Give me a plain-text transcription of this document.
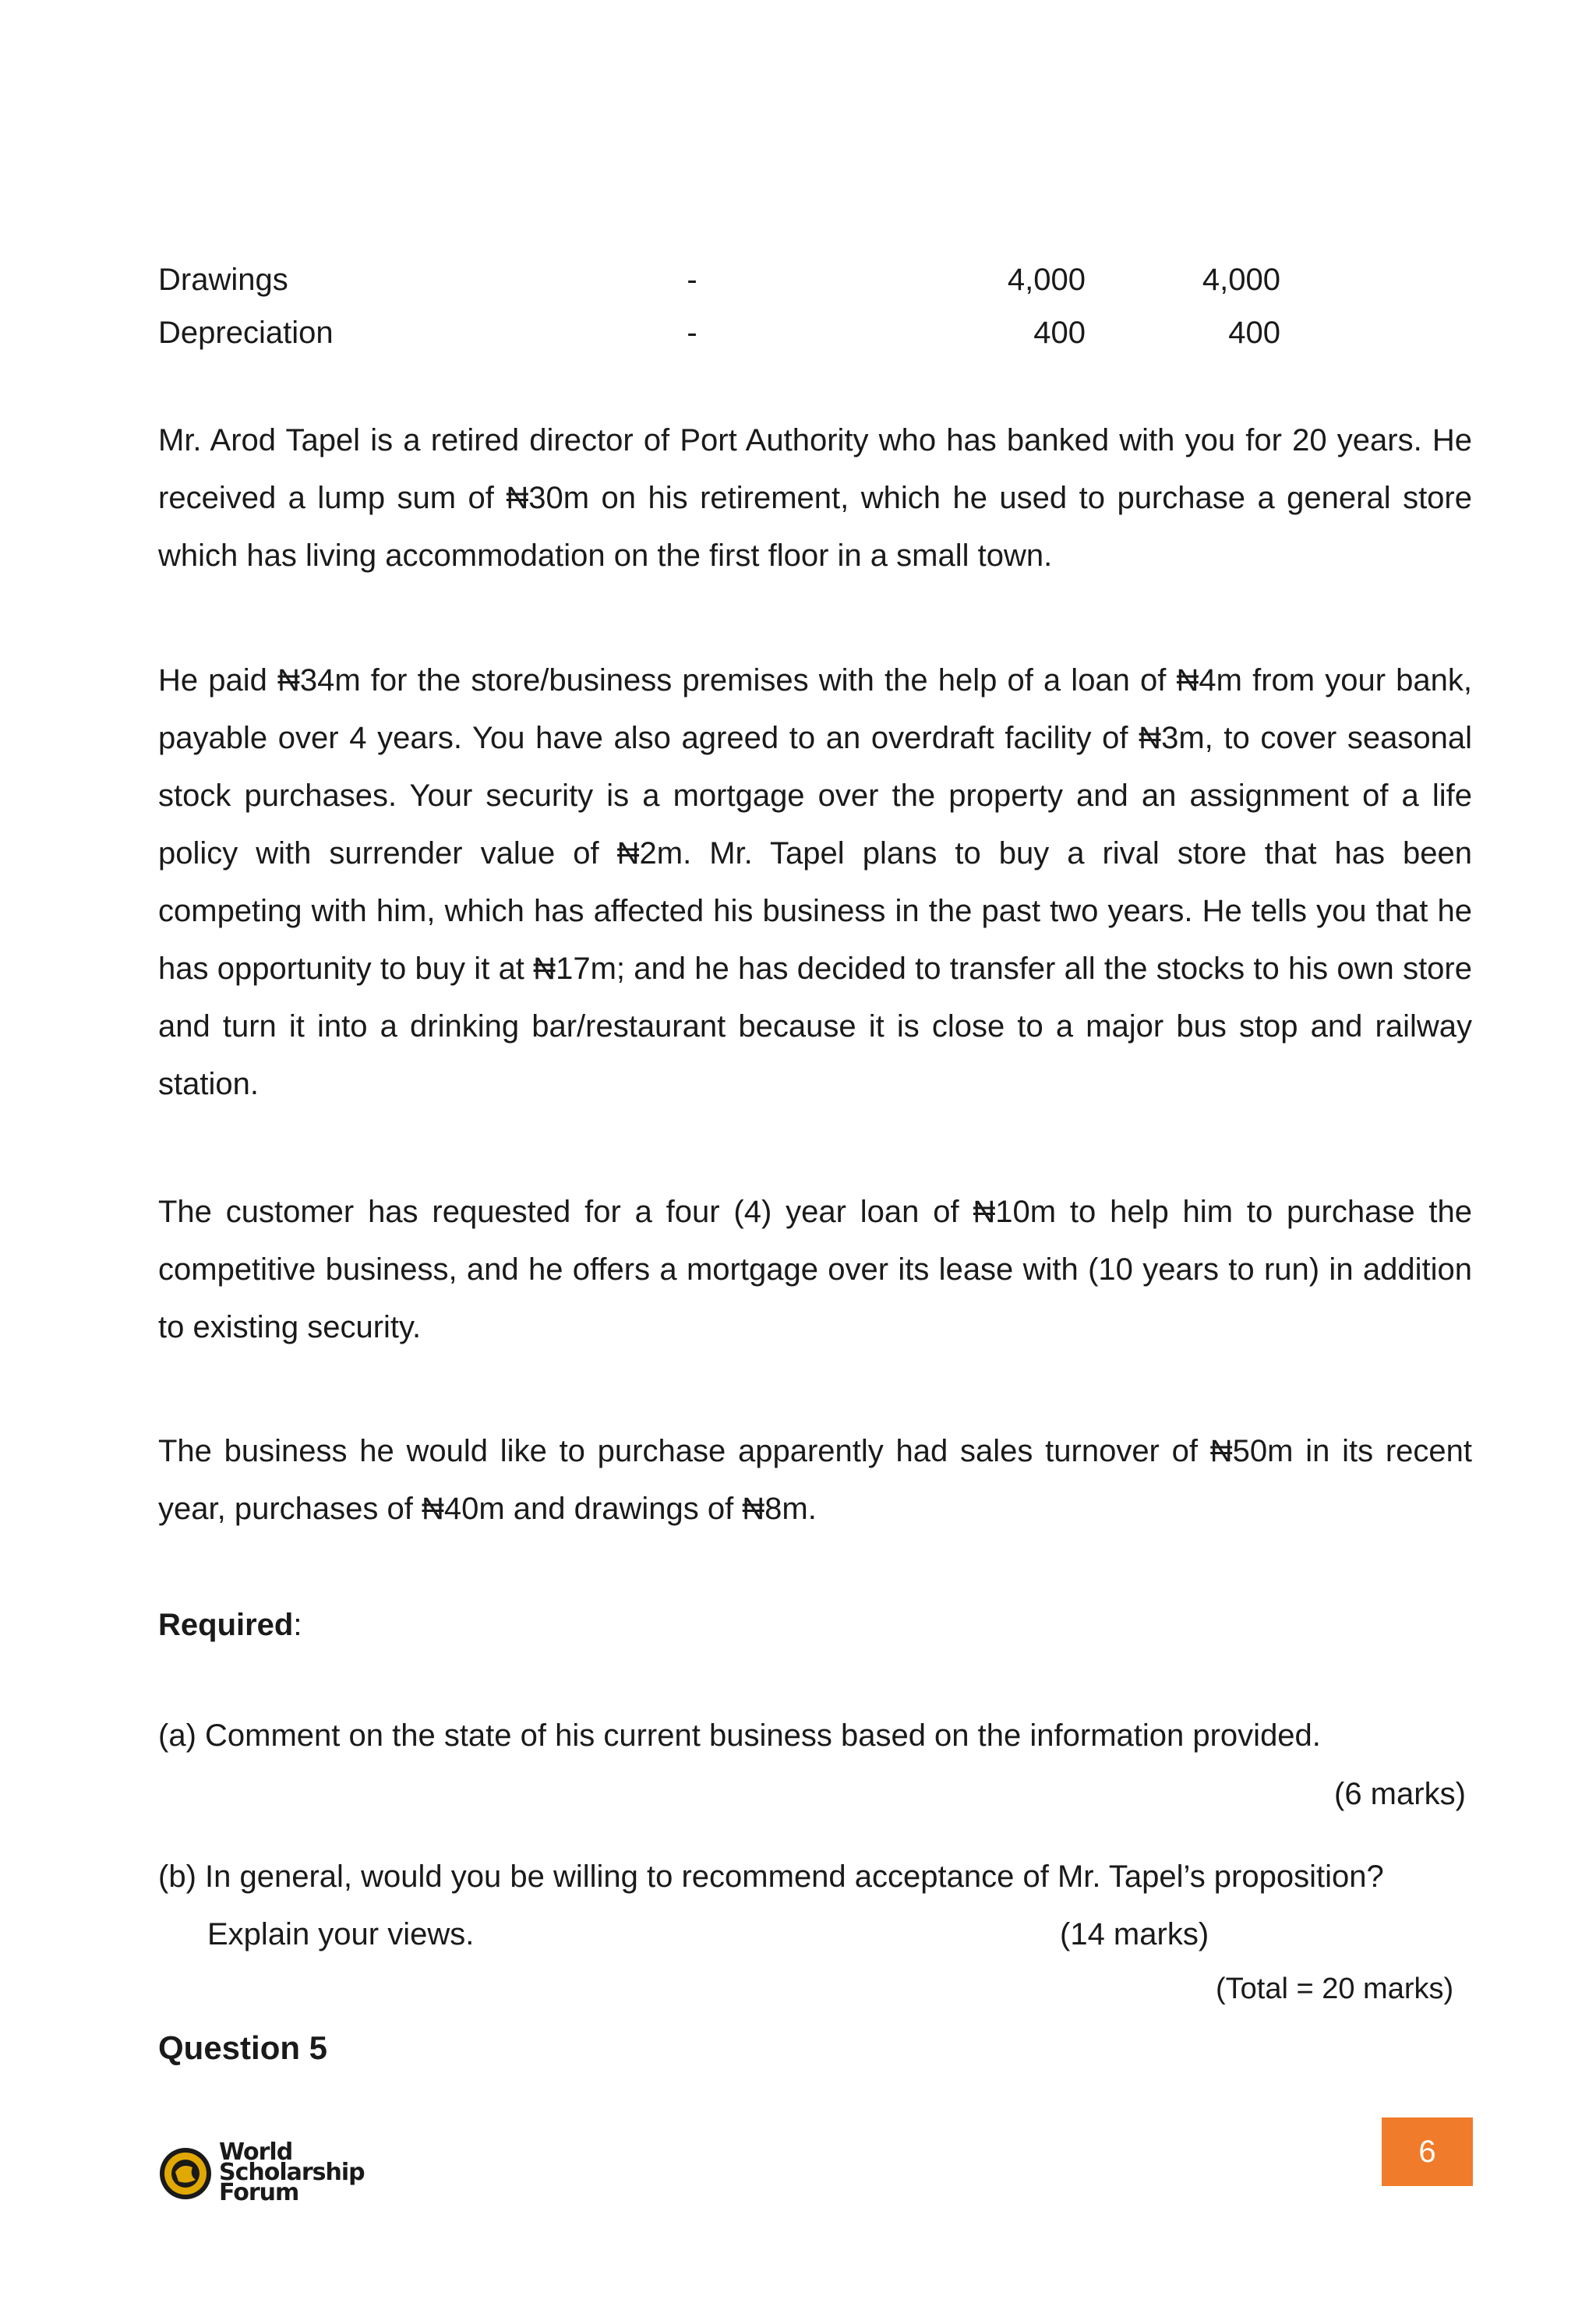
Drawings	-	4,000	4,000
Depreciation	-	400	400

Mr. Arod Tapel is a retired director of Port Authority who has banked with you for 20 years. He received a lump sum of ₦30m on his retirement, which he used to purchase a general store which has living accommodation on the first floor in a small town.

He paid ₦34m for the store/business premises with the help of a loan of ₦4m from your bank, payable over 4 years. You have also agreed to an overdraft facility of ₦3m, to cover seasonal stock purchases. Your security is a mortgage over the property and an assignment of a life policy with surrender value of ₦2m. Mr. Tapel plans to buy a rival store that has been competing with him, which has affected his business in the past two years. He tells you that he has opportunity to buy it at ₦17m; and he has decided to transfer all the stocks to his own store and turn it into a drinking bar/restaurant because it is close to a major bus stop and railway station.

The customer has requested for a four (4) year loan of ₦10m to help him to purchase the competitive business, and he offers a mortgage over its lease with (10 years to run) in addition to existing security.

The business he would like to purchase apparently had sales turnover of ₦50m in its recent year, purchases of ₦40m and drawings of ₦8m.

Required:
(a) Comment on the state of his current business based on the information provided.
(6 marks)
(b) In general, would you be willing to recommend acceptance of Mr. Tapel’s proposition?
Explain your views.	(14 marks)
(Total = 20 marks)
Question 5
World
Scholarship
Forum
6
